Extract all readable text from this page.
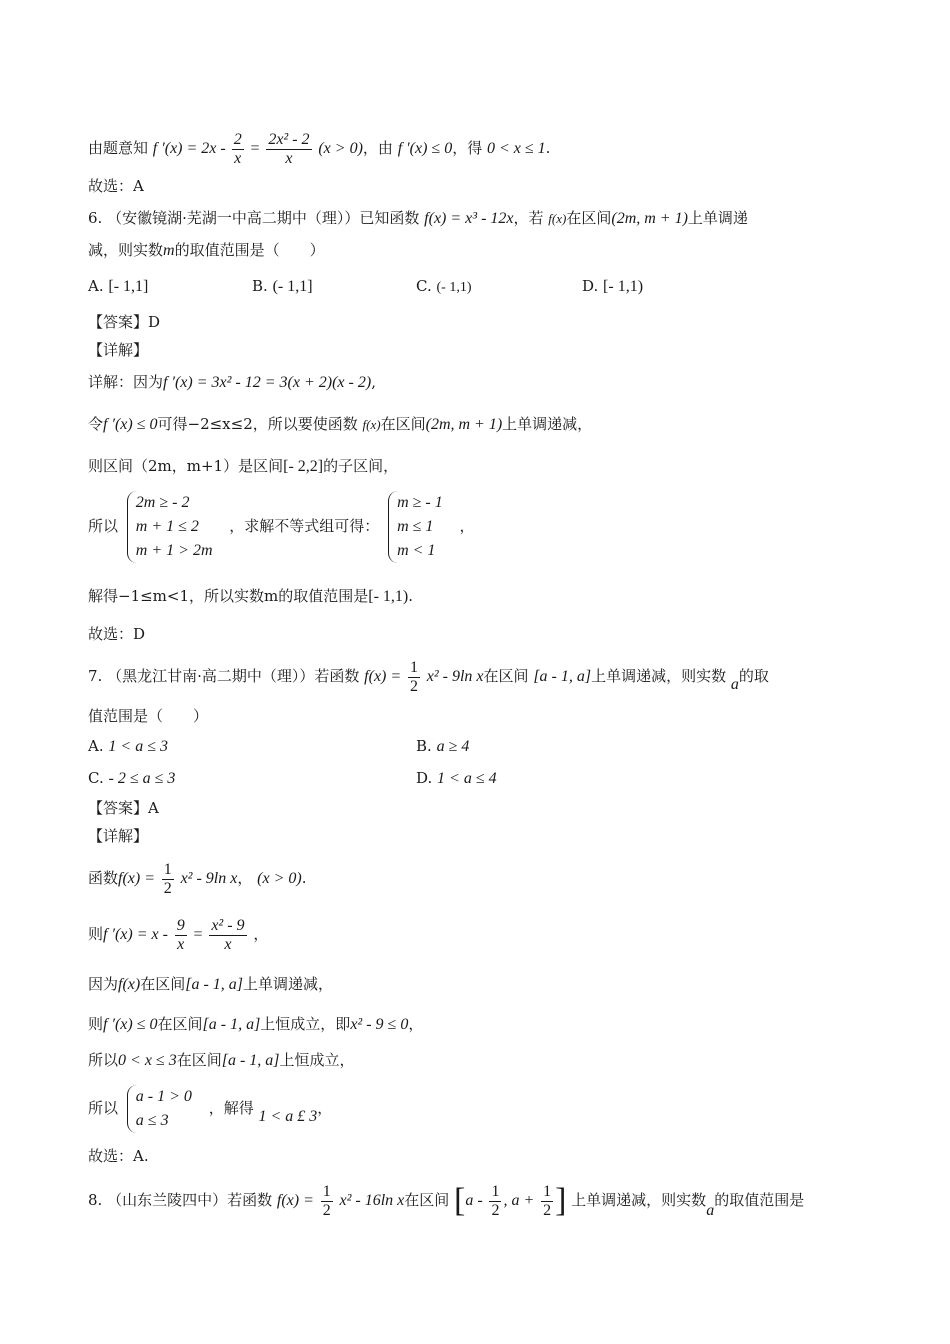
由题意知 f $'(x) = 2x - \frac{2}{x} = \frac{\text{2x² - 2}}{x} (x > 0)$，由 f ′(x) ≤ 0，得 0 < x ≤ 1.
故选：A
6. （安徽镜湖·芜湖一中高二期中（理））已知函数 f(x) = x³ - 12x，若 f(x)在区间(2m, m + 1)上单调递
减，则实数m的取值范围是（　　）
A. [- 1,1]	B. (- 1,1]	C. (- 1,1)	D. [- 1,1)
【答案】D
【详解】
详解：因为f ′(x) = 3x² - 12 = 3(x + 2)(x - 2),
令f ′(x) ≤ 0可得−2≤x≤2，所以要使函数 f(x)在区间(2m, m + 1)上单调递减，
则区间（2m，m+1）是区间[- 2,2]的子区间，
所以
2m ≥ - 2
m + 1 ≤ 2
m + 1 > 2m
，求解不等式组可得：
m ≥ - 1
m ≤ 1
m < 1
，
解得−1≤m<1，所以实数m的取值范围是[- 1,1).
故选：D
7. （黑龙江甘南·高二期中（理））若函数 $f(x) = \frac{1}{2} x^2 - 9\ln$ x在区间 [a - 1, a]上单调递减，则实数 a的取
值范围是（　　）
A. 1 < a ≤ 3	B. a ≥ 4
C. - 2 ≤ a ≤ 3	D. 1 < a ≤ 4
【答案】A
【详解】
函数$f(x) = \frac{1}{2} x^2 - 9\ln$ x， (x > 0).
则f $'(x) = x - \frac{9}{x} = \frac{\text{x² - 9}}{x}$ ，
因为f(x)在区间[a - 1, a]上单调递减，
则f ′(x) ≤ 0在区间[a - 1, a]上恒成立，即x² - 9 ≤ 0，
所以0 < x ≤ 3在区间[a - 1, a]上恒成立，
所以
a - 1 > 0
a ≤ 3
，解得 1 < a £ 3，
故选：A.
8. （山东兰陵四中）若函数 $f(x) = \frac{1}{2} x^2 - 16\ln$ x在区间 [$a - \frac{1}{2}$ , $a + \frac{1}{2}$ ] 上单调递减，则实数a的取值范围是
